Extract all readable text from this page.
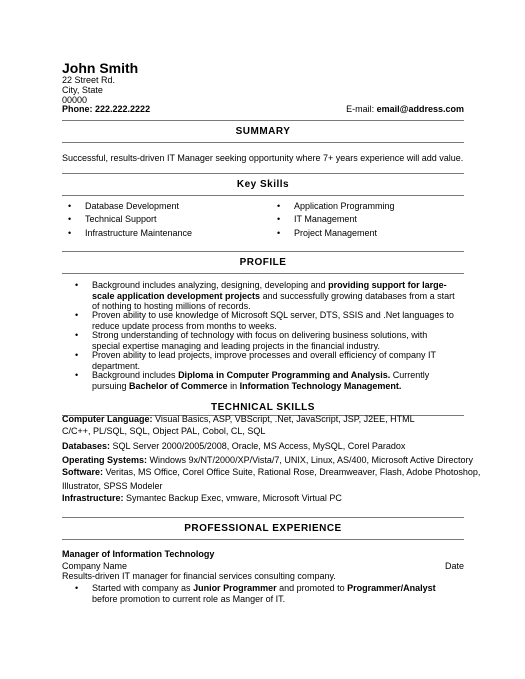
John Smith
22 Street Rd.
City, State
00000
Phone: 222.222.2222	E-mail: email@address.com
SUMMARY
Successful, results-driven IT Manager seeking opportunity where 7+ years experience will add value.
Key Skills
• Database Development
• Technical Support
• Infrastructure Maintenance
• Application Programming
• IT Management
• Project Management
PROFILE
• Background includes analyzing, designing, developing and providing support for large-scale application development projects and successfully growing databases from a start of nothing to hosting millions of records.
• Proven ability to use knowledge of Microsoft SQL server, DTS, SSIS and .Net languages to reduce update process from months to weeks.
• Strong understanding of technology with focus on delivering business solutions, with special expertise managing and leading projects in the financial industry.
• Proven ability to lead projects, improve processes and overall efficiency of company IT department.
• Background includes Diploma in Computer Programming and Analysis. Currently pursuing Bachelor of Commerce in Information Technology Management.
TECHNICAL SKILLS
Computer Language: Visual Basics, ASP, VBScript, .Net, JavaScript, JSP, J2EE, HTML
C/C++, PL/SQL, SQL, Object PAL, Cobol, CL, SQL
Databases: SQL Server 2000/2005/2008, Oracle, MS Access, MySQL, Corel Paradox
Operating Systems: Windows 9x/NT/2000/XP/Vista/7, UNIX, Linux, AS/400, Microsoft Active Directory
Software: Veritas, MS Office, Corel Office Suite, Rational Rose, Dreamweaver, Flash, Adobe Photoshop,
Illustrator, SPSS Modeler
Infrastructure: Symantec Backup Exec, vmware, Microsoft Virtual PC
PROFESSIONAL EXPERIENCE
Manager of Information Technology
Company Name	Date
Results-driven IT manager for financial services consulting company.
• Started with company as Junior Programmer and promoted to Programmer/Analyst before promotion to current role as Manger of IT.
